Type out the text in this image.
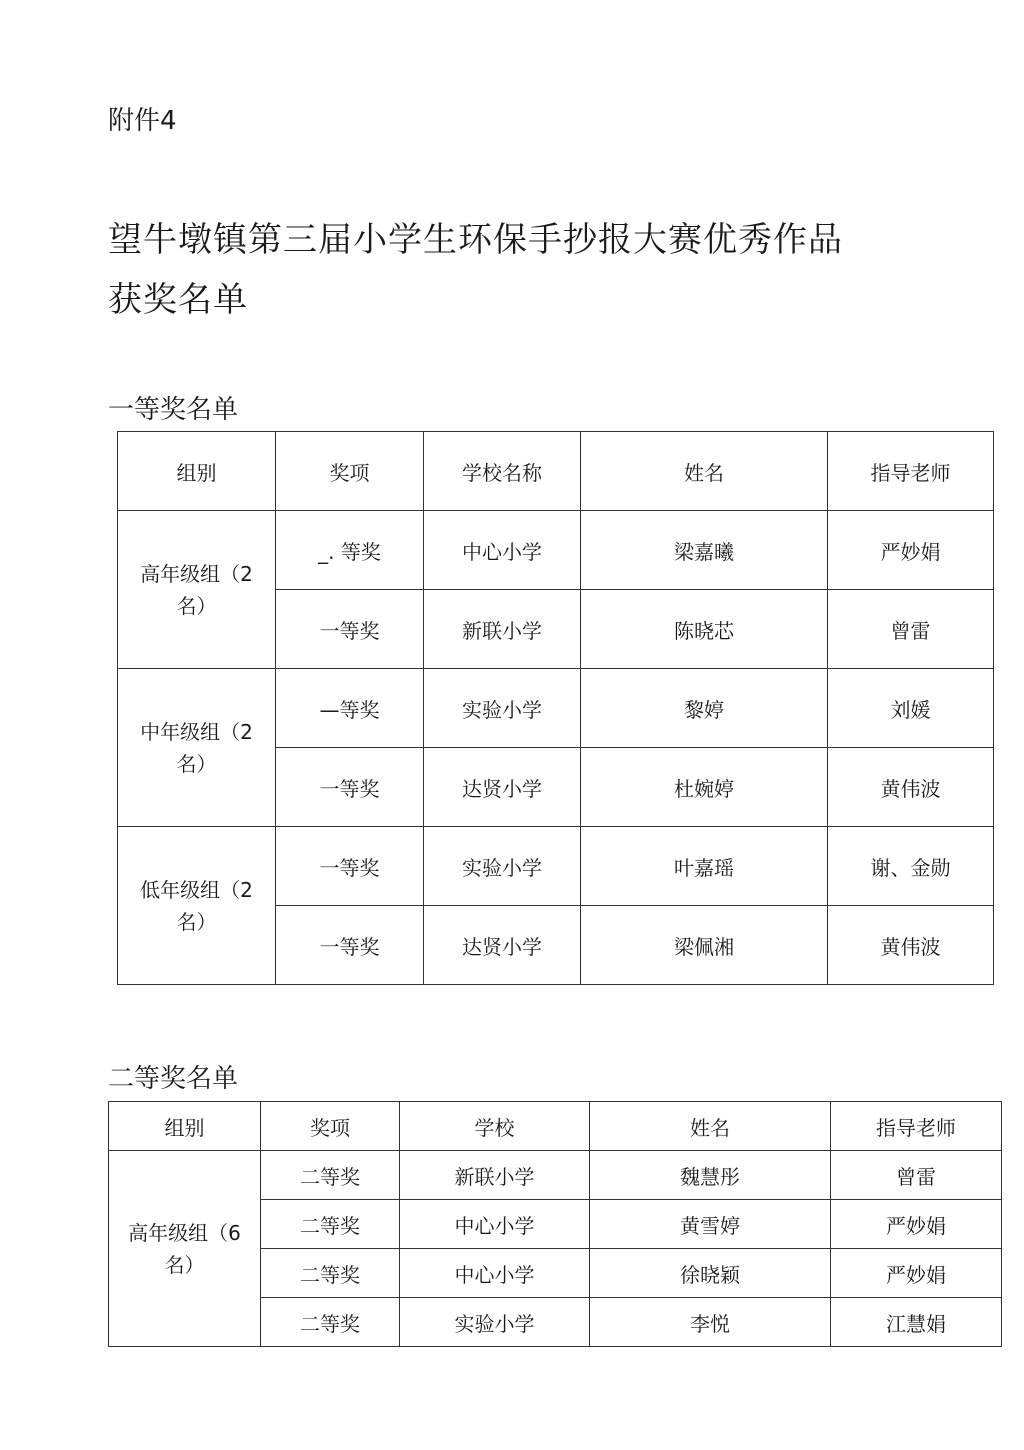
附件4
望牛墩镇第三届小学生环保手抄报大赛优秀作品获奖名单
一等奖名单
组别	奖项	学校名称	姓名	指导老师
高年级组（2名）	_. 等奖	中心小学	梁嘉曦	严妙娟
	一等奖	新联小学	陈晓芯	曾雷
中年级组（2名）	—等奖	实验小学	黎婷	刘媛
	一等奖	达贤小学	杜婉婷	黄伟波
低年级组（2名）	一等奖	实验小学	叶嘉瑶	谢、金勋
	一等奖	达贤小学	梁佩湘	黄伟波
二等奖名单
组别	奖项	学校	姓名	指导老师
高年级组（6名）	二等奖	新联小学	魏慧彤	曾雷
	二等奖	中心小学	黄雪婷	严妙娟
	二等奖	中心小学	徐晓颖	严妙娟
	二等奖	实验小学	李悦	江慧娟
